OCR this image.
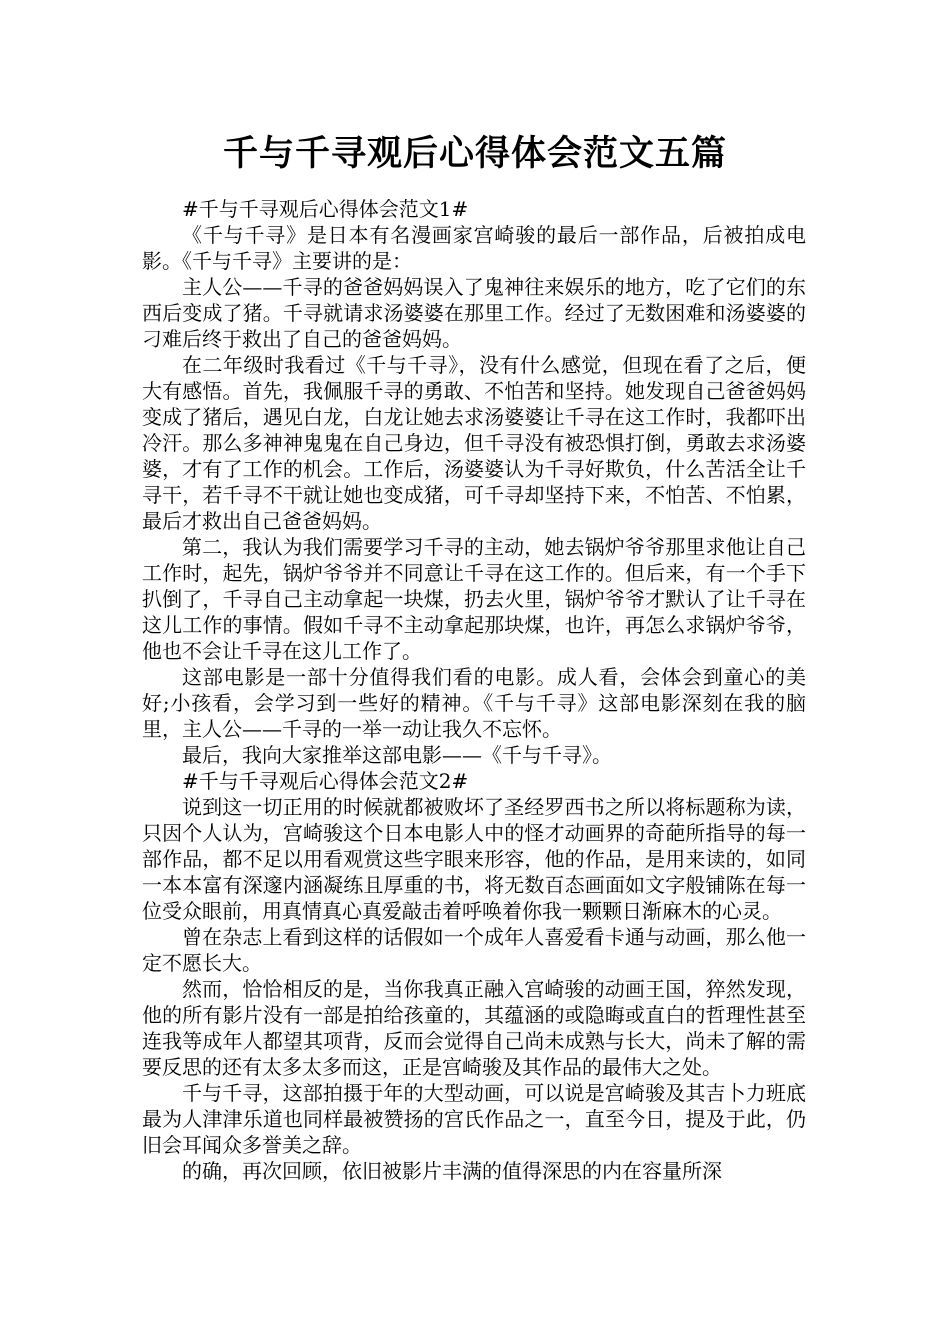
千与千寻观后心得体会范文五篇

#千与千寻观后心得体会范文1#

《千与千寻》是日本有名漫画家宫崎骏的最后一部作品，后被拍成电影。《千与千寻》主要讲的是：

主人公——千寻的爸爸妈妈误入了鬼神往来娱乐的地方，吃了它们的东西后变成了猪。千寻就请求汤婆婆在那里工作。经过了无数困难和汤婆婆的刁难后终于救出了自己的爸爸妈妈。

在二年级时我看过《千与千寻》，没有什么感觉，但现在看了之后，便大有感悟。首先，我佩服千寻的勇敢、不怕苦和坚持。她发现自己爸爸妈妈变成了猪后，遇见白龙，白龙让她去求汤婆婆让千寻在这工作时，我都吓出冷汗。那么多神神鬼鬼在自己身边，但千寻没有被恐惧打倒，勇敢去求汤婆婆，才有了工作的机会。工作后，汤婆婆认为千寻好欺负，什么苦活全让千寻干，若千寻不干就让她也变成猪，可千寻却坚持下来，不怕苦、不怕累，最后才救出自己爸爸妈妈。

第二，我认为我们需要学习千寻的主动，她去锅炉爷爷那里求他让自己工作时，起先，锅炉爷爷并不同意让千寻在这工作的。但后来，有一个手下扒倒了，千寻自己主动拿起一块煤，扔去火里，锅炉爷爷才默认了让千寻在这儿工作的事情。假如千寻不主动拿起那块煤，也许，再怎么求锅炉爷爷，他也不会让千寻在这儿工作了。

这部电影是一部十分值得我们看的电影。成人看，会体会到童心的美好;小孩看，会学习到一些好的精神。《千与千寻》这部电影深刻在我的脑里，主人公——千寻的一举一动让我久不忘怀。

最后，我向大家推举这部电影——《千与千寻》。

#千与千寻观后心得体会范文2#

说到这一切正用的时候就都被败坏了圣经罗西书之所以将标题称为读，只因个人认为，宫崎骏这个日本电影人中的怪才动画界的奇葩所指导的每一部作品，都不足以用看观赏这些字眼来形容，他的作品，是用来读的，如同一本本富有深邃内涵凝练且厚重的书，将无数百态画面如文字般铺陈在每一位受众眼前，用真情真心真爱敲击着呼唤着你我一颗颗日渐麻木的心灵。

曾在杂志上看到这样的话假如一个成年人喜爱看卡通与动画，那么他一定不愿长大。

然而，恰恰相反的是，当你我真正融入宫崎骏的动画王国，猝然发现，他的所有影片没有一部是拍给孩童的，其蕴涵的或隐晦或直白的哲理性甚至连我等成年人都望其项背，反而会觉得自己尚未成熟与长大，尚未了解的需要反思的还有太多太多而这，正是宫崎骏及其作品的最伟大之处。

千与千寻，这部拍摄于年的大型动画，可以说是宫崎骏及其吉卜力班底最为人津津乐道也同样最被赞扬的宫氏作品之一，直至今日，提及于此，仍旧会耳闻众多誉美之辞。

的确，再次回顾，依旧被影片丰满的值得深思的内在容量所深
